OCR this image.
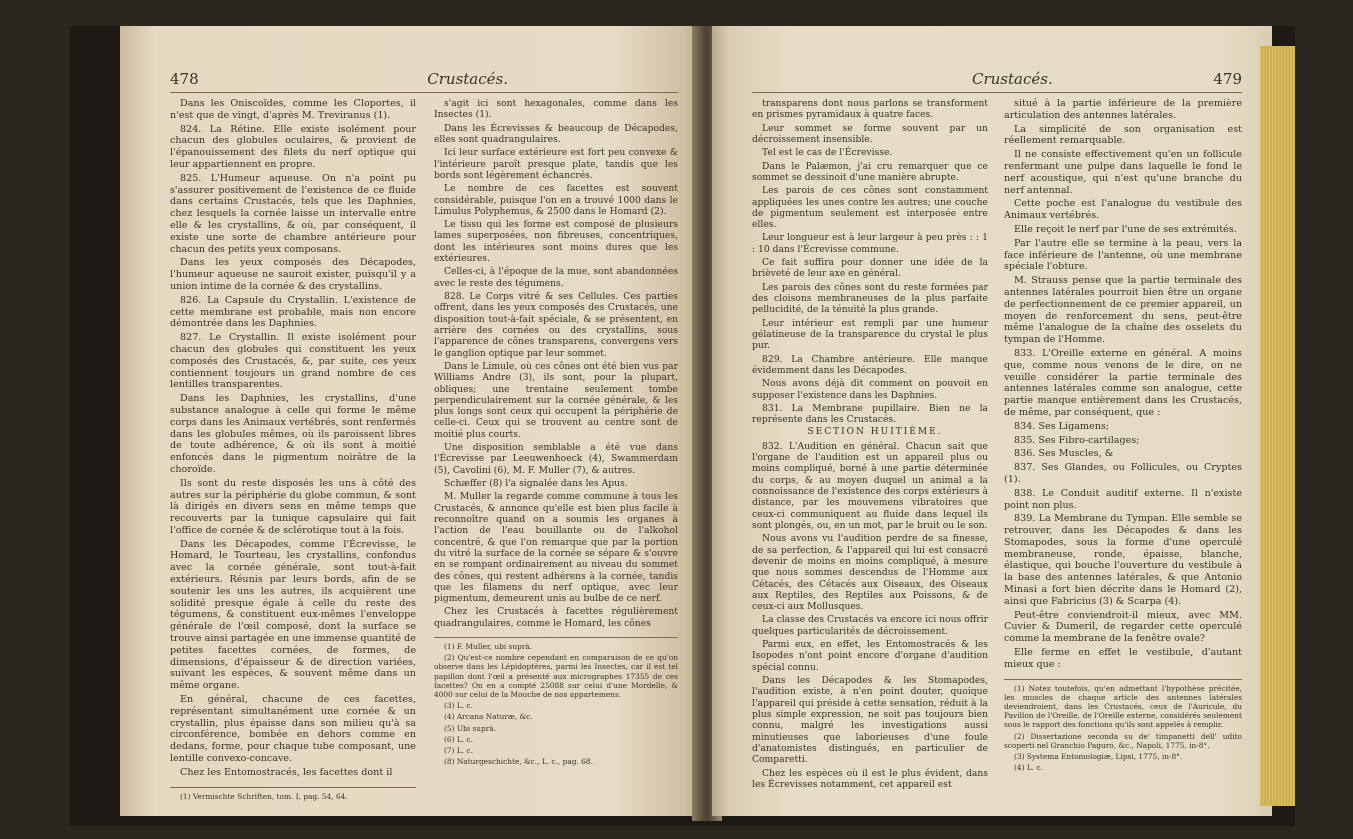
478	Crustacés.

Dans les Oniscoïdes, comme les Cloportes, il n'est que de vingt, d'après M. Treviranus (1).

824. La Rétine. Elle existe isolément pour chacun des globules oculaires, & provient de l'épanouissement des filets du nerf optique qui leur appartiennent en propre.

825. L'Humeur aqueuse. On n'a point pu s'assurer positivement de l'existence de ce fluide dans certains Crustacés, tels que les Daphnies, chez lesquels la cornée laisse un intervalle entre elle & les crystallins, & où, par conséquent, il existe une sorte de chambre antérieure pour chacun des petits yeux composans.

Dans les yeux composés des Décapodes, l'humeur aqueuse ne sauroit exister, puisqu'il y a union intime de la cornée & des crystallins.

826. La Capsule du Crystallin. L'existence de cette membrane est probable, mais non encore démontrée dans les Daphnies.

827. Le Crystallin. Il existe isolément pour chacun des globules qui constituent les yeux composés des Crustacés, &, par suite, ces yeux contiennent toujours un grand nombre de ces lentilles transparentes.

Dans les Daphnies, les crystallins, d'une substance analogue à celle qui forme le même corps dans les Animaux vertébrés, sont renfermés dans les globules mêmes, où ils paroissent libres de toute adhérence, & où ils sont à moitié enfoncés dans le pigmentum noirâtre de la choroïde.

Ils sont du reste disposés les uns à côté des autres sur la périphérie du globe commun, & sont là dirigés en divers sens en même temps que recouverts par la tunique capsulaire qui fait l'office de cornée & de sclérotique tout à la fois.

Dans les Décapodes, comme l'Écrevisse, le Homard, le Tourteau, les crystallins, confondus avec la cornée générale, sont tout-à-fait extérieurs. Réunis par leurs bords, afin de se soutenir les uns les autres, ils acquièrent une solidité presque égale à celle du reste des tégumens, & constituent eux-mêmes l'enveloppe générale de l'œil composé, dont la surface se trouve ainsi partagée en une immense quantité de petites facettes cornées, de formes, de dimensions, d'épaisseur & de direction variées, suivant les espèces, & souvent même dans un même organe.

En général, chacune de ces facettes, représentant simultanément une cornée & un crystallin, plus épaisse dans son milieu qu'à sa circonférence, bombée en dehors comme en dedans, forme, pour chaque tube composant, une lentille convexo-concave.

Chez les Entomostracés, les facettes dont il

(1) Vermischte Schriften, tom. I, pag. 54, 64.

s'agit ici sont hexagonales, comme dans les Insectes (1).

Dans les Écrevisses & beaucoup de Décapodes, elles sont quadrangulaires.

Ici leur surface extérieure est fort peu convexe & l'intérieure paroît presque plate, tandis que les bords sont légèrement échancrés.

Le nombre de ces facettes est souvent considérable, puisque l'on en a trouvé 1000 dans le Limulus Polyphemus, & 2500 dans le Homard (2).

Le tissu qui les forme est composé de plusieurs lames superposées, non fibreuses, concentriques, dont les intérieures sont moins dures que les extérieures.

Celles-ci, à l'époque de la mue, sont abandonnées avec le reste des tégumens.

828. Le Corps vitré & ses Cellules. Ces parties offrent, dans les yeux composés des Crustacés, une disposition tout-à-fait spéciale, & se présentent, en arrière des cornées ou des crystallins, sous l'apparence de cônes transparens, convergens vers le ganglion optique par leur sommet.

Dans le Limule, où ces cônes ont été bien vus par Williams Andre (3), ils sont, pour la plupart, obliques; une trentaine seulement tombe perpendiculairement sur la cornée générale, & les plus longs sont ceux qui occupent la périphérie de celle-ci. Ceux qui se trouvent au centre sont de moitié plus courts.

Une disposition semblable a été vue dans l'Écrevisse par Leeuwenhoeck (4), Swammerdam (5), Cavolini (6), M. F. Muller (7), & autres.

Schæffer (8) l'a signalée dans les Apus.

M. Muller la regarde comme commune à tous les Crustacés, & annonce qu'elle est bien plus facile à reconnoître quand on a soumis les organes à l'action de l'eau bouillante ou de l'alkohol concentré, & que l'on remarque que par la portion du vitré la surface de la cornée se sépare & s'ouvre en se rompant ordinairement au niveau du sommet des cônes, qui restent adhérens à la cornée, tandis que les filamens du nerf optique, avec leur pigmentum, demeurent unis au bulbe de ce nerf.

Chez les Crustacés à facettes régulièrement quadrangulaires, comme le Homard, les cônes

(1) F. Muller, ubi suprà.

(2) Qu'est-ce nombre cependant en comparaison de ce qu'on observe dans les Lépidoptères, parmi les Insectes, car il est tel papillon dont l'œil a présenté aux micrographes 17355 de ces facettes? On en a compté 25088 sur celui d'une Mordelle, & 4000 sur celui de la Mouche de nos appartemens.

(3) L. c.

(4) Arcana Naturæ, &c.

(5) Ubi suprà.

(6) L. c.

(7) L. c.

(8) Naturgeschichte, &c., L. c., pag. 68.

Crustacés.	479

transparens dont nous parlons se transforment en prismes pyramidaux à quatre faces.

Leur sommet se forme souvent par un décroissement insensible.

Tel est le cas de l'Écrevisse.

Dans le Palæmon, j'ai cru remarquer que ce sommet se dessinoit d'une manière abrupte.

Les parois de ces cônes sont constamment appliquées les unes contre les autres; une couche de pigmentum seulement est interposée entre elles.

Leur longueur est à leur largeur à peu près : : 1 : 10 dans l'Écrevisse commune.

Ce fait suffira pour donner une idée de la brièveté de leur axe en général.

Les parois des cônes sont du reste formées par des cloisons membraneuses de la plus parfaite pellucidité, de la ténuité la plus grande.

Leur intérieur est rempli par une humeur gélatineuse de la transparence du crystal le plus pur.

829. La Chambre antérieure. Elle manque évidemment dans les Décapodes.

Nous avons déjà dit comment on pouvoit en supposer l'existence dans les Daphnies.

831. La Membrane pupillaire. Bien ne la représente dans les Crustacés.

SECTION HUITIÈME.

832. L'Audition en général. Chacun sait que l'organe de l'audition est un appareil plus ou moins compliqué, borné à une partie déterminée du corps, & au moyen duquel un animal a la connoissance de l'existence des corps extérieurs à distance, par les mouvemens vibratoires que ceux-ci communiquent au fluide dans lequel ils sont plongés, ou, en un mot, par le bruit ou le son.

Nous avons vu l'audition perdre de sa finesse, de sa perfection, & l'appareil qui lui est consacré devenir de moins en moins compliqué, à mesure que nous sommes descendus de l'Homme aux Cétacés, des Cétacés aux Oiseaux, des Oiseaux aux Reptiles, des Reptiles aux Poissons, & de ceux-ci aux Mollusques.

La classe des Crustacés va encore ici nous offrir quelques particularités de décroissement.

Parmi eux, en effet, les Entomostracés & les Isopodes n'ont point encore d'organe d'audition spécial connu.

Dans les Décapodes & les Stomapodes, l'audition existe, à n'en point douter, quoique l'appareil qui préside à cette sensation, réduit à la plus simple expression, ne soit pas toujours bien connu, malgré les investigations aussi minutieuses que laborieuses d'une foule d'anatomistes distingués, en particulier de Comparetti.

Chez les espèces où il est le plus évident, dans les Écrevisses notamment, cet appareil est

situé à la partie inférieure de la première articulation des antennes latérales.

La simplicité de son organisation est réellement remarquable.

Il ne consiste effectivement qu'en un follicule renfermant une pulpe dans laquelle le fond le nerf acoustique, qui n'est qu'une branche du nerf antennal.

Cette poche est l'analogue du vestibule des Animaux vertébrés.

Elle reçoit le nerf par l'une de ses extrémités.

Par l'autre elle se termine à la peau, vers la face inférieure de l'antenne, où une membrane spéciale l'obture.

M. Strauss pense que la partie terminale des antennes latérales pourroit bien être un organe de perfectionnement de ce premier appareil, un moyen de renforcement du sens, peut-être même l'analogue de la chaîne des osselets du tympan de l'Homme.

833. L'Oreille externe en général. A moins que, comme nous venons de le dire, on ne veuille considérer la partie terminale des antennes latérales comme son analogue, cette partie manque entièrement dans les Crustacés, de même, par conséquent, que :

834. Ses Ligamens;

835. Ses Fibro-cartilages;

836. Ses Muscles, &

837. Ses Glandes, ou Follicules, ou Cryptes (1).

838. Le Conduit auditif externe. Il n'existe point non plus.

839. La Membrane du Tympan. Elle semble se retrouver, dans les Décapodes & dans les Stomapodes, sous la forme d'une operculé membraneuse, ronde, épaisse, blanche, élastique, qui bouche l'ouverture du vestibule à la base des antennes latérales, & que Antonio Minasi a fort bien décrite dans le Homard (2), ainsi que Fabricius (3) & Scarpa (4).

Peut-être conviendroit-il mieux, avec MM. Cuvier & Dumeril, de regarder cette operculé comme la membrane de la fenêtre ovale?

Elle ferme en effet le vestibule, d'autant mieux que :

(1) Notez toutefois, qu'en admettant l'hypothèse précitée, les muscles de chaque article des antennes latérales deviendroient, dans les Crustacés, ceux de l'Auricule, du Pavillon de l'Oreille, de l'Oreille externe, considérés seulement sous le rapport des fonctions qu'ils sont appelés à remplir.

(2) Dissertazione seconda su de' timpanetti dell' udito scoperti nel Granchio Paguro, &c., Napoli, 1775, in-8°.

(3) Systema Entomologiæ, Lipsi, 1775, in-8°.

(4) L. c.
